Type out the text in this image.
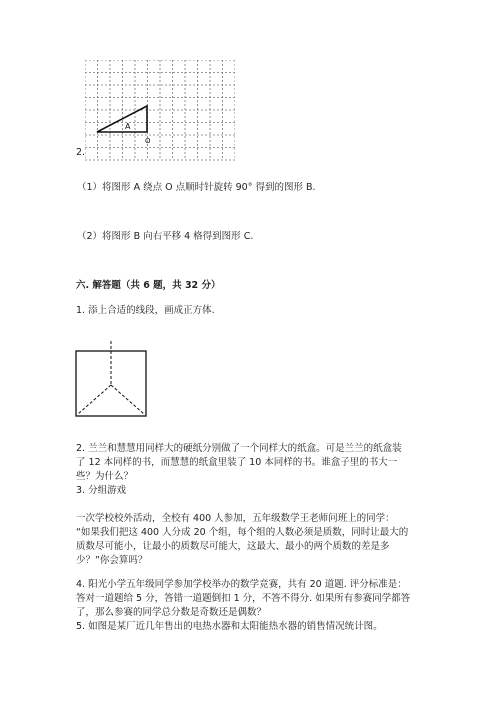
A
O
2.
（1）将图形 A 绕点 O 点顺时针旋转 90° 得到的图形 B.
（2）将图形 B 向右平移 4 格得到图形 C.
六. 解答题（共 6 题，共 32 分）
1. 添上合适的线段，画成正方体.
2. 兰兰和慧慧用同样大的硬纸分别做了一个同样大的纸盒。可是兰兰的纸盒装
了 12 本同样的书，而慧慧的纸盒里装了 10 本同样的书。谁盒子里的书大一
些？为什么？
3. 分组游戏
一次学校校外活动，全校有 400 人参加，五年级数学王老师问班上的同学：
“如果我们把这 400 人分成 20 个组，每个组的人数必须是质数，同时让最大的
质数尽可能小，让最小的质数尽可能大，这最大、最小的两个质数的差是多
少？”你会算吗？
4. 阳光小学五年级同学参加学校举办的数学竞赛，共有 20 道题. 评分标准是：
答对一道题给 5 分，答错一道题倒扣 1 分，不答不得分. 如果所有参赛同学都答
了，那么参赛的同学总分数是奇数还是偶数？
5. 如图是某厂近几年售出的电热水器和太阳能热水器的销售情况统计图。
